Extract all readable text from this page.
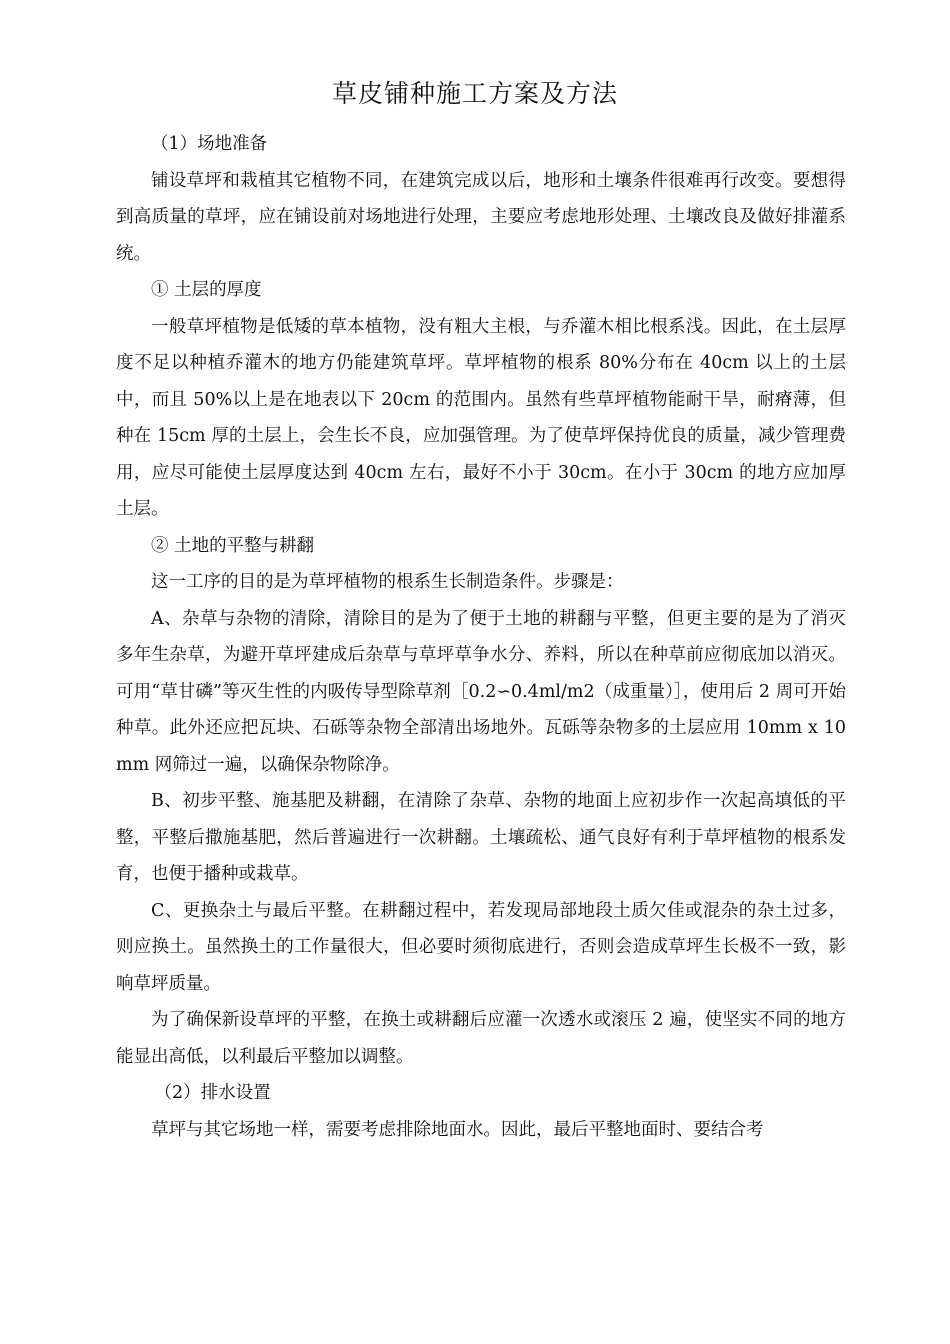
草皮铺种施工方案及方法

（1）场地准备

铺设草坪和栽植其它植物不同，在建筑完成以后，地形和土壤条件很难再行改变。要想得到高质量的草坪，应在铺设前对场地进行处理，主要应考虑地形处理、土壤改良及做好排灌系统。

① 土层的厚度

一般草坪植物是低矮的草本植物，没有粗大主根，与乔灌木相比根系浅。因此，在土层厚度不足以种植乔灌木的地方仍能建筑草坪。草坪植物的根系 80%分布在 40cm 以上的土层中，而且 50%以上是在地表以下 20cm 的范围内。虽然有些草坪植物能耐干旱，耐瘠薄，但种在 15cm 厚的土层上，会生长不良，应加强管理。为了使草坪保持优良的质量，减少管理费用，应尽可能使土层厚度达到 40cm 左右，最好不小于 30cm。在小于 30cm 的地方应加厚土层。

② 土地的平整与耕翻

这一工序的目的是为草坪植物的根系生长制造条件。步骤是：

A、杂草与杂物的清除，清除目的是为了便于土地的耕翻与平整，但更主要的是为了消灭多年生杂草，为避开草坪建成后杂草与草坪草争水分、养料，所以在种草前应彻底加以消灭。可用“草甘磷”等灭生性的内吸传导型除草剂［0.2∽0.4ml/m2（成重量）］，使用后 2 周可开始种草。此外还应把瓦块、石砾等杂物全部清出场地外。瓦砾等杂物多的土层应用 10mm x 10mm 网筛过一遍，以确保杂物除净。

B、初步平整、施基肥及耕翻，在清除了杂草、杂物的地面上应初步作一次起高填低的平整，平整后撒施基肥，然后普遍进行一次耕翻。土壤疏松、通气良好有利于草坪植物的根系发育，也便于播种或栽草。

C、更换杂土与最后平整。在耕翻过程中，若发现局部地段土质欠佳或混杂的杂土过多，则应换土。虽然换土的工作量很大，但必要时须彻底进行，否则会造成草坪生长极不一致，影响草坪质量。

为了确保新设草坪的平整，在换土或耕翻后应灌一次透水或滚压 2 遍，使坚实不同的地方能显出高低，以利最后平整加以调整。

（2）排水设置

草坪与其它场地一样，需要考虑排除地面水。因此，最后平整地面时、要结合考
